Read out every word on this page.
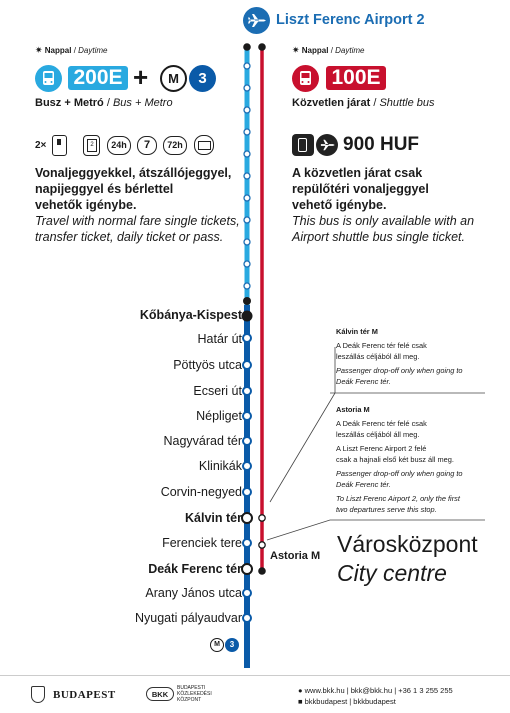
Liszt Ferenc Airport 2
✷ Nappal / Daytime
200E +	M	3
Busz + Metró / Bus + Metro
2×	2	24h	7	72h
Vonaljeggyekkel, átszállójeggyel,
napijeggyel és bérlettel
vehetők igénybe.
Travel with normal fare single tickets,
transfer ticket, daily ticket or pass.
✷ Nappal / Daytime
100E
Közvetlen járat / Shuttle bus
900 HUF
A közvetlen járat csak
repülőtéri vonaljeggyel
vehető igénybe.
This bus is only available with an
Airport shuttle bus single ticket.
Kőbánya-Kispest
Határ út
Pöttyös utca
Ecseri út
Népliget
Nagyvárad tér
Klinikák
Corvin-negyed
Kálvin tér
Ferenciek tere
Deák Ferenc tér
Arany János utca
Nyugati pályaudvar
Astoria M
M	3
Kálvin tér M
A Deák Ferenc tér felé csak
leszállás céljából áll meg.
Passenger drop-off only when going to
Deák Ferenc tér.
Astoria M
A Deák Ferenc tér felé csak
leszállás céljából áll meg.
A Liszt Ferenc Airport 2 felé
csak a hajnali első két busz áll meg.
Passenger drop-off only when going to
Deák Ferenc tér.
To Liszt Ferenc Airport 2, only the first
two departures serve this stop.
Városközpont
City centre
BUDAPEST	BKK
BUDAPESTI
KÖZLEKEDÉSI
KÖZPONT
● www.bkk.hu | bkk@bkk.hu | +36 1 3 255 255
■ bkkbudapest | bkkbudapest
